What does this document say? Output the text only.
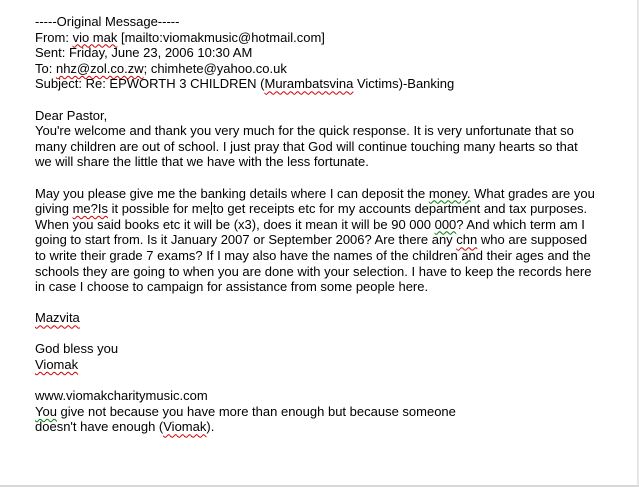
-----Original Message-----
From: vio mak [mailto:viomakmusic@hotmail.com]
Sent: Friday, June 23, 2006 10:30 AM
To: nhz@zol.co.zw; chimhete@yahoo.co.uk
Subject: Re: EPWORTH 3 CHILDREN (Murambatsvina Victims)-Banking
Dear Pastor,
You're welcome and thank you very much for the quick response. It is very unfortunate that so
many children are out of school. I just pray that God will continue touching many hearts so that
we will share the little that we have with the less fortunate.
May you please give me the banking details where I can deposit the money. What grades are you
giving me?Is it possible for me to get receipts etc for my accounts department and tax purposes.
When you said books etc it will be (x3), does it mean it will be 90 000 000? And which term am I
going to start from. Is it January 2007 or September 2006? Are there any chn who are supposed
to write their grade 7 exams? If I may also have the names of the children and their ages and the
schools they are going to when you are done with your selection. I have to keep the records here
in case I choose to campaign for assistance from some people here.
Mazvita
God bless you
Viomak
www.viomakcharitymusic.com
You give not because you have more than enough but because someone
doesn't have enough (Viomak).
